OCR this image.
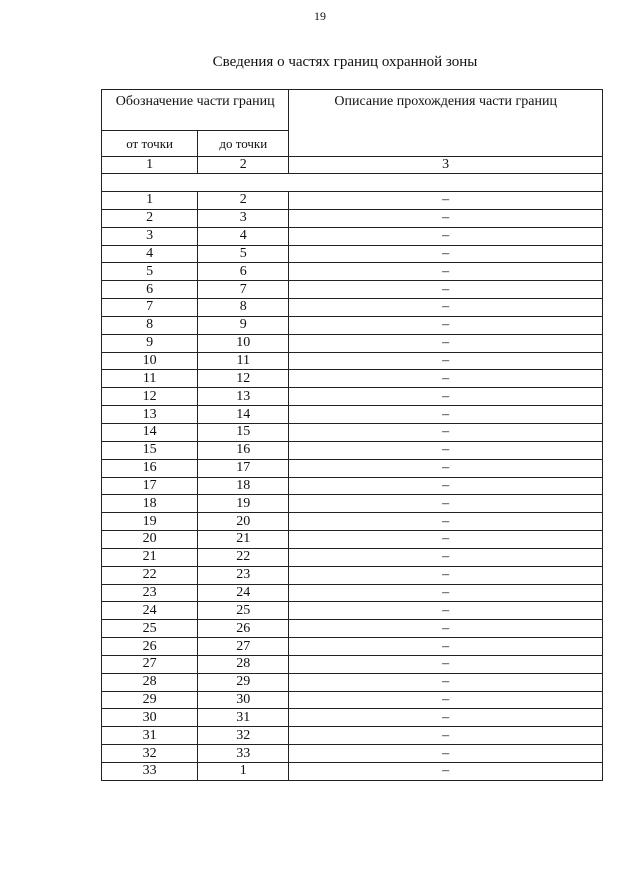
19
Сведения о частях границ охранной зоны
Обозначение части границ		Описание прохождения части границ
от точки	до точки	
1	2	3

1	2	–
2	3	–
3	4	–
4	5	–
5	6	–
6	7	–
7	8	–
8	9	–
9	10	–
10	11	–
11	12	–
12	13	–
13	14	–
14	15	–
15	16	–
16	17	–
17	18	–
18	19	–
19	20	–
20	21	–
21	22	–
22	23	–
23	24	–
24	25	–
25	26	–
26	27	–
27	28	–
28	29	–
29	30	–
30	31	–
31	32	–
32	33	–
33	1	–
